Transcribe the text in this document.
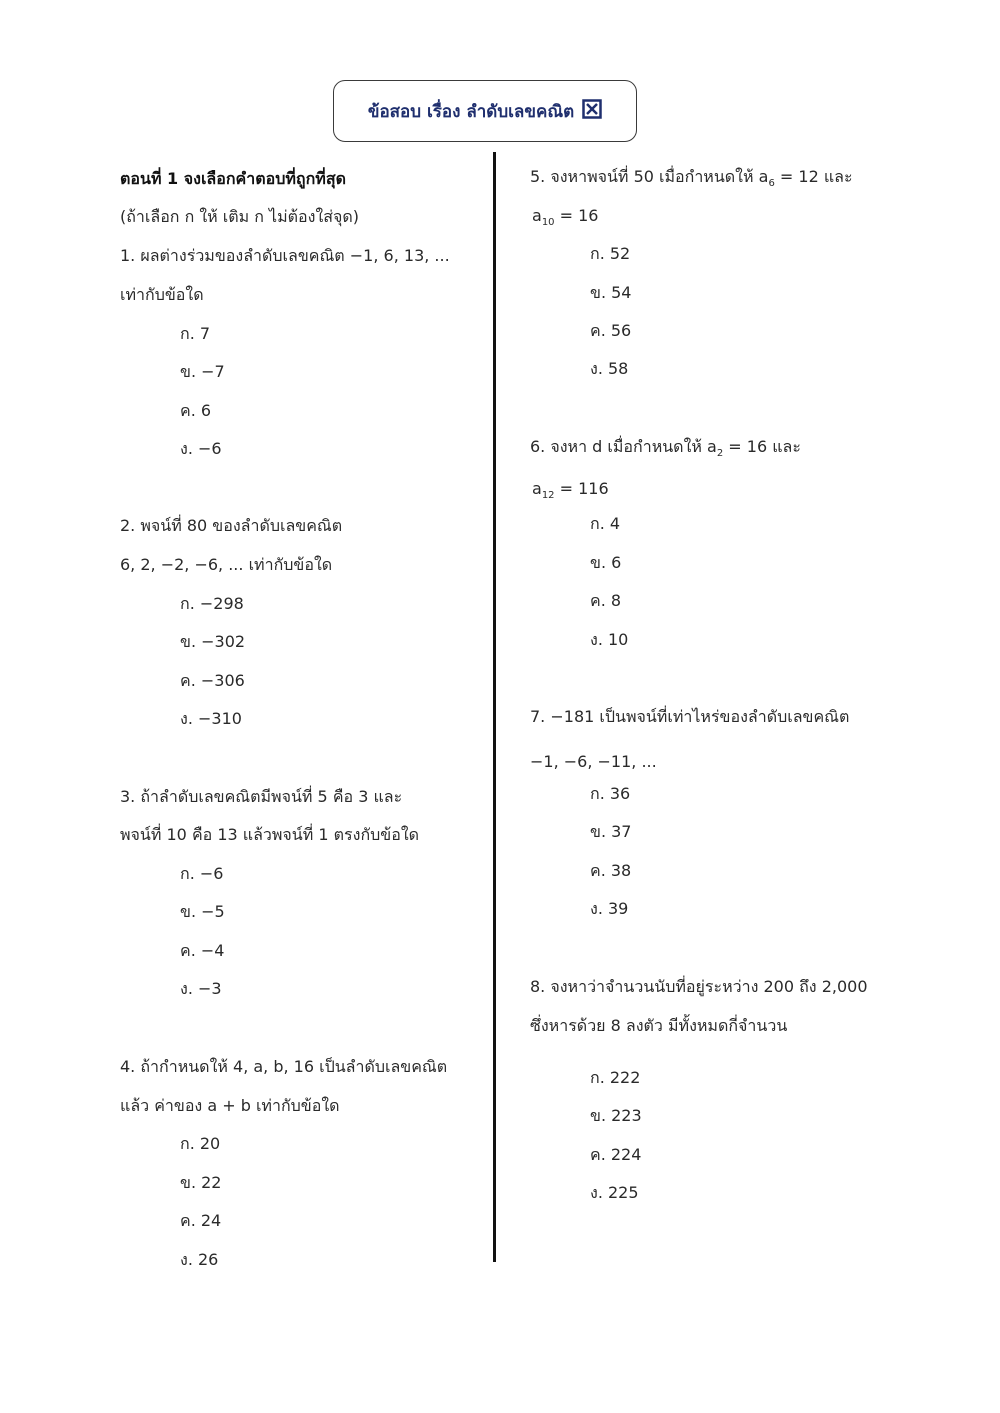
ข้อสอบ เรื่อง ลำดับเลขคณิต
ตอนที่ 1 จงเลือกคำตอบที่ถูกที่สุด
(ถ้าเลือก ก ให้ เติม ก ไม่ต้องใส่จุด)
1. ผลต่างร่วมของลำดับเลขคณิต −1, 6, 13, ...
เท่ากับข้อใด
ก. 7
ข. −7
ค. 6
ง. −6
2. พจน์ที่ 80 ของลำดับเลขคณิต
6, 2, −2, −6, ... เท่ากับข้อใด
ก. −298
ข. −302
ค. −306
ง. −310
3. ถ้าลำดับเลขคณิตมีพจน์ที่ 5 คือ 3 และ
พจน์ที่ 10 คือ 13 แล้วพจน์ที่ 1 ตรงกับข้อใด
ก. −6
ข. −5
ค. −4
ง. −3
4. ถ้ากำหนดให้ 4, a, b, 16 เป็นลำดับเลขคณิต
แล้ว ค่าของ a + b เท่ากับข้อใด
ก. 20
ข. 22
ค. 24
ง. 26
5. จงหาพจน์ที่ 50 เมื่อกำหนดให้ $a_6 = 12$ และ
$a_{10} = 16$
ก. 52
ข. 54
ค. 56
ง. 58
6. จงหา d เมื่อกำหนดให้ $a_2 = 16$ และ
$a_{12} = 116$
ก. 4
ข. 6
ค. 8
ง. 10
7. −181 เป็นพจน์ที่เท่าไหร่ของลำดับเลขคณิต
−1, −6, −11, ...
ก. 36
ข. 37
ค. 38
ง. 39
8. จงหาว่าจำนวนนับที่อยู่ระหว่าง 200 ถึง 2,000
ซึ่งหารด้วย 8 ลงตัว มีทั้งหมดกี่จำนวน
ก. 222
ข. 223
ค. 224
ง. 225
